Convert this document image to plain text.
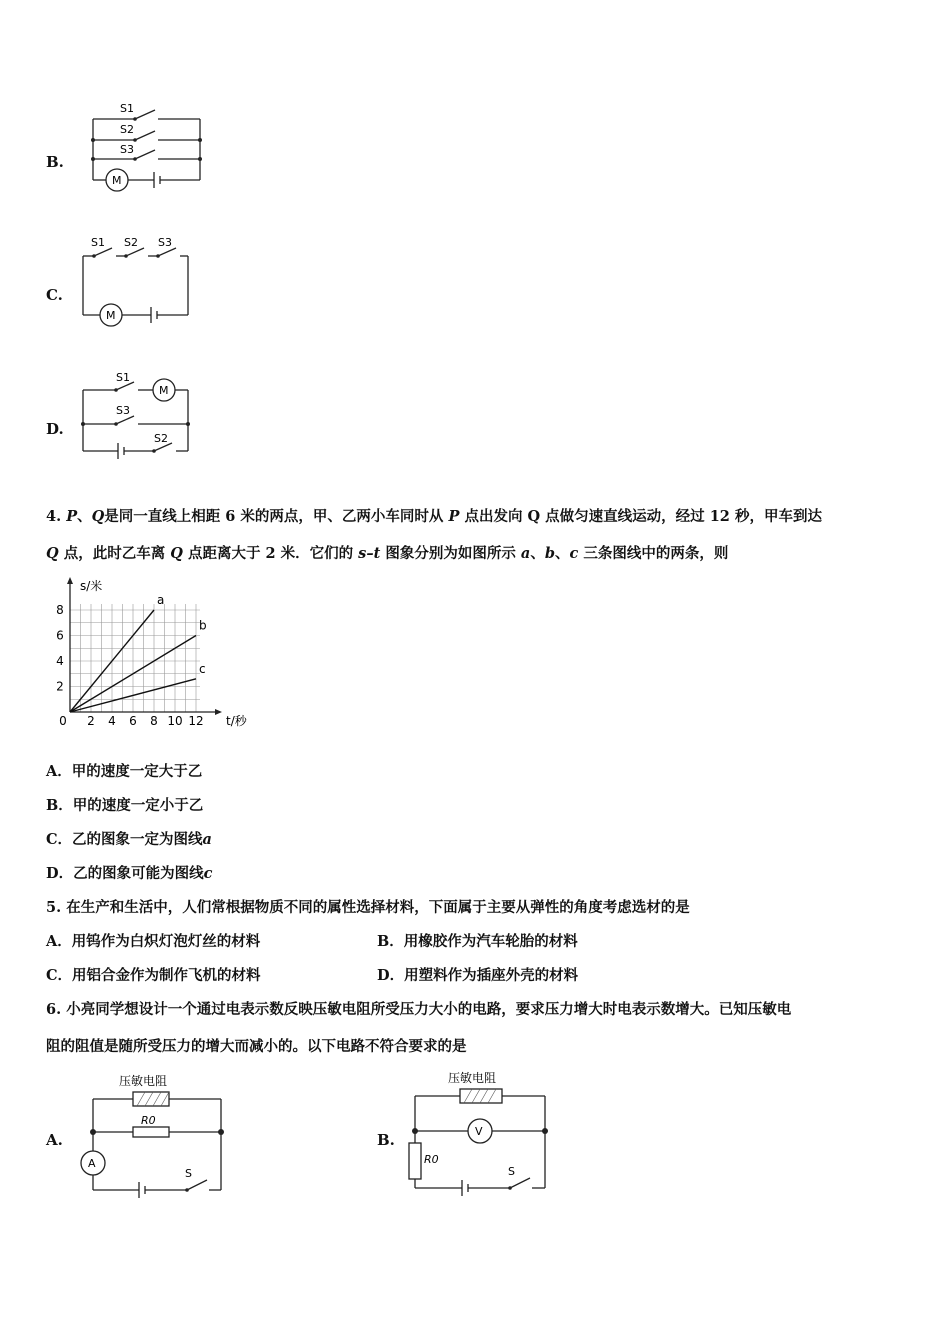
B.
S1
S2
S3
M
C.
S1 S2 S3
M
D.
S1
S3
S2
M
4. P、Q是同一直线上相距 6 米的两点，甲、乙两小车同时从 P 点出发向 Q 点做匀速直线运动，经过 12 秒，甲车到达
Q 点，此时乙车离 Q 点距离大于 2 米．它们的 s–t 图象分别为如图所示 a、b、c 三条图线中的两条，则
0 2 4 6 8 10 12
2
4
6
8
s/米
t/秒
a
b
c
A．甲的速度一定大于乙
B．甲的速度一定小于乙
C．乙的图象一定为图线a
D．乙的图象可能为图线c
5. 在生产和生活中，人们常根据物质不同的属性选择材料，下面属于主要从弹性的角度考虑选材的是
A．用钨作为白炽灯泡灯丝的材料	B．用橡胶作为汽车轮胎的材料
C．用铝合金作为制作飞机的材料	D．用塑料作为插座外壳的材料
6. 小亮同学想设计一个通过电表示数反映压敏电阻所受压力大小的电路，要求压力增大时电表示数增大。已知压敏电
阻的阻值是随所受压力的增大而减小的。以下电路不符合要求的是
A.
压敏电阻
R0
A
S
B.
压敏电阻
V
R0
S
